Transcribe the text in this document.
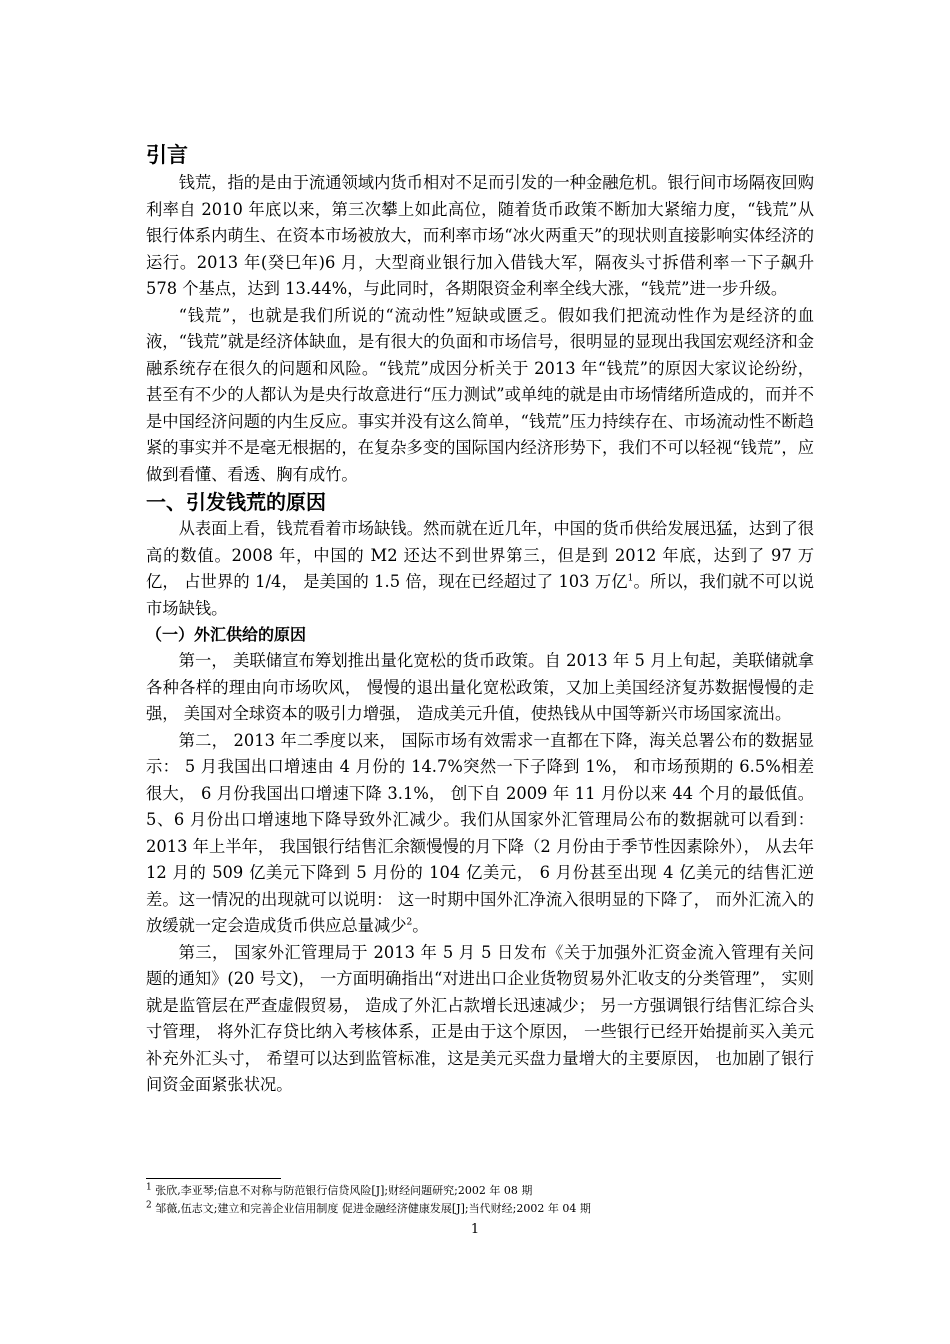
引言

钱荒，指的是由于流通领域内货币相对不足而引发的一种金融危机。银行间市场隔夜回购利率自 2010 年底以来，第三次攀上如此高位，随着货币政策不断加大紧缩力度，“钱荒”从银行体系内萌生、在资本市场被放大，而利率市场“冰火两重天”的现状则直接影响实体经济的运行。2013 年(癸巳年)6 月，大型商业银行加入借钱大军，隔夜头寸拆借利率一下子飙升 578 个基点，达到 13.44%，与此同时，各期限资金利率全线大涨，“钱荒”进一步升级。

“钱荒”，也就是我们所说的“流动性”短缺或匮乏。假如我们把流动性作为是经济的血液，“钱荒”就是经济体缺血，是有很大的负面和市场信号，很明显的显现出我国宏观经济和金融系统存在很久的问题和风险。“钱荒”成因分析关于 2013 年“钱荒”的原因大家议论纷纷，甚至有不少的人都认为是央行故意进行“压力测试”或单纯的就是由市场情绪所造成的，而并不是中国经济问题的内生反应。事实并没有这么简单，“钱荒”压力持续存在、市场流动性不断趋紧的事实并不是毫无根据的，在复杂多变的国际国内经济形势下，我们不可以轻视“钱荒”，应做到看懂、看透、胸有成竹。

一、引发钱荒的原因

从表面上看，钱荒看着市场缺钱。然而就在近几年，中国的货币供给发展迅猛，达到了很高的数值。2008 年，中国的 M2 还达不到世界第三，但是到 2012 年底，达到了 97 万亿， 占世界的 1/4， 是美国的 1.5 倍，现在已经超过了 103 万亿$^1$。所以，我们就不可以说市场缺钱。

（一）外汇供给的原因

第一， 美联储宣布筹划推出量化宽松的货币政策。自 2013 年 5 月上旬起，美联储就拿各种各样的理由向市场吹风， 慢慢的退出量化宽松政策，又加上美国经济复苏数据慢慢的走强， 美国对全球资本的吸引力增强， 造成美元升值，使热钱从中国等新兴市场国家流出。

第二， 2013 年二季度以来， 国际市场有效需求一直都在下降，海关总署公布的数据显示： 5 月我国出口增速由 4 月份的 14.7%突然一下子降到 1%， 和市场预期的 6.5%相差很大， 6 月份我国出口增速下降 3.1%， 创下自 2009 年 11 月份以来 44 个月的最低值。5、6 月份出口增速地下降导致外汇减少。我们从国家外汇管理局公布的数据就可以看到：2013 年上半年， 我国银行结售汇余额慢慢的月下降（2 月份由于季节性因素除外）， 从去年 12 月的 509 亿美元下降到 5 月份的 104 亿美元， 6 月份甚至出现 4 亿美元的结售汇逆差。这一情况的出现就可以说明： 这一时期中国外汇净流入很明显的下降了， 而外汇流入的放缓就一定会造成货币供应总量减少$^2$。

第三， 国家外汇管理局于 2013 年 5 月 5 日发布《关于加强外汇资金流入管理有关问题的通知》(20 号文)， 一方面明确指出“对进出口企业货物贸易外汇收支的分类管理”， 实则就是监管层在严查虚假贸易， 造成了外汇占款增长迅速减少； 另一方强调银行结售汇综合头寸管理， 将外汇存贷比纳入考核体系，正是由于这个原因， 一些银行已经开始提前买入美元补充外汇头寸， 希望可以达到监管标准，这是美元买盘力量增大的主要原因， 也加剧了银行间资金面紧张状况。

$^1$ 张欣,李亚琴;信息不对称与防范银行信贷风险[J];财经问题研究;2002 年 08 期
$^2$ 邹薇,伍志文;建立和完善企业信用制度 促进金融经济健康发展[J];当代财经;2002 年 04 期
1
